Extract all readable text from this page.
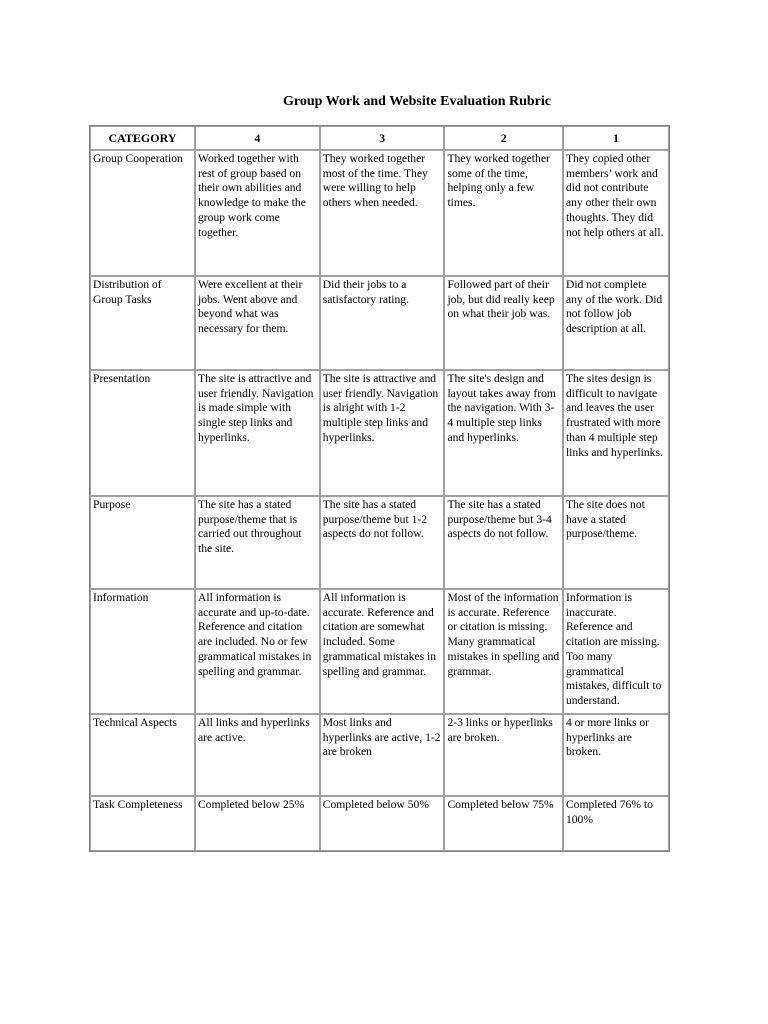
Group Work and Website Evaluation Rubric
CATEGORY	4	3	2	1
Group Cooperation	Worked together with rest of group based on their own abilities and knowledge to make the group work come together.	They worked together most of the time. They were willing to help others when needed.	They worked together some of the time, helping only a few times.	They copied other members’ work and did not contribute any other their own thoughts. They did not help others at all.
Distribution of Group Tasks	Were excellent at their jobs. Went above and beyond what was necessary for them.	Did their jobs to a satisfactory rating.	Followed part of their job, but did really keep on what their job was.	Did not complete any of the work. Did not follow job description at all.
Presentation	The site is attractive and user friendly. Navigation is made simple with single step links and hyperlinks.	The site is attractive and user friendly. Navigation is alright with 1-2 multiple step links and hyperlinks.	The site's design and layout takes away from the navigation. With 3-4 multiple step links and hyperlinks.	The sites design is difficult to navigate and leaves the user frustrated with more than 4 multiple step links and hyperlinks.
Purpose	The site has a stated purpose/theme that is carried out throughout the site.	The site has a stated purpose/theme but 1-2 aspects do not follow.	The site has a stated purpose/theme but 3-4 aspects do not follow.	The site does not have a stated purpose/theme.
Information	All information is accurate and up-to-date. Reference and citation are included. No or few grammatical mistakes in spelling and grammar.	All information is accurate. Reference and citation are somewhat included. Some grammatical mistakes in spelling and grammar.	Most of the information is accurate. Reference or citation is missing. Many grammatical mistakes in spelling and grammar.	Information is inaccurate. Reference and citation are missing. Too many grammatical mistakes, difficult to understand.
Technical Aspects	All links and hyperlinks are active.	Most links and hyperlinks are active, 1-2 are broken	2-3 links or hyperlinks are broken.	4 or more links or hyperlinks are broken.
Task Completeness	Completed below 25%	Completed below 50%	Completed below 75%	Completed 76% to 100%
